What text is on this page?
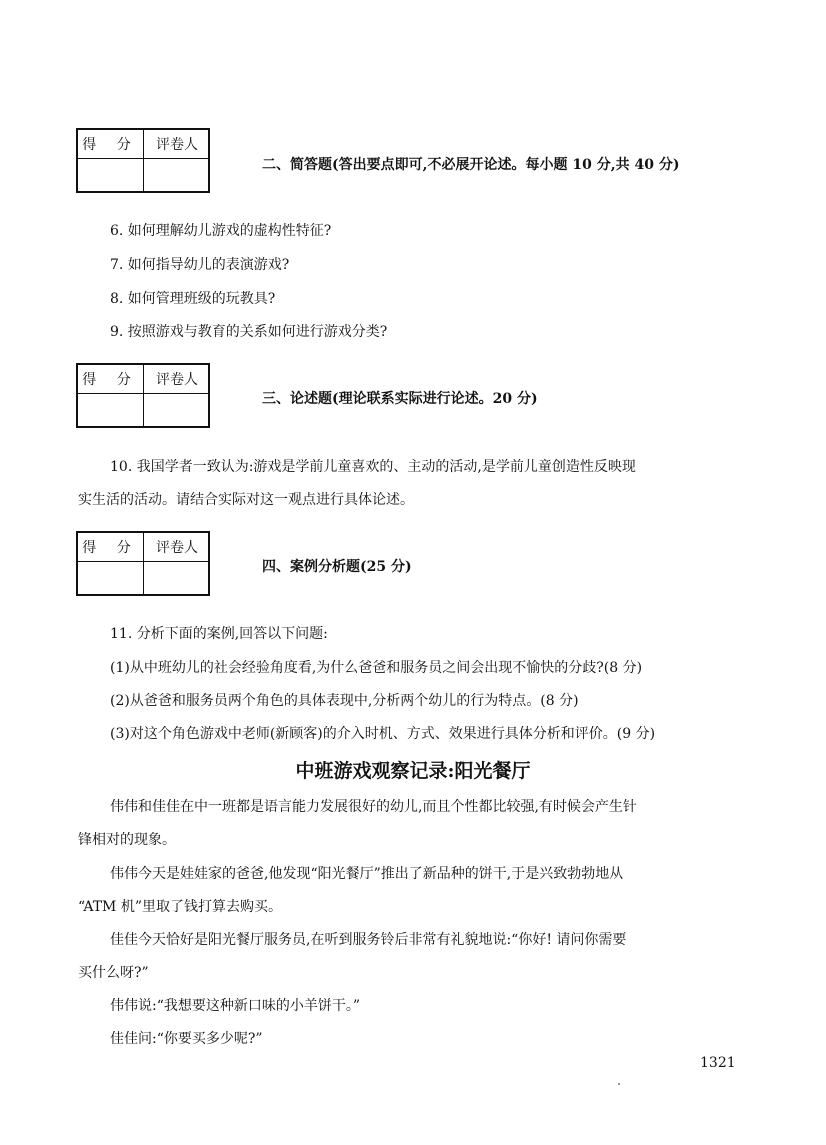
得 分	评卷人
二、简答题(答出要点即可,不必展开论述。每小题 10 分,共 40 分)
6. 如何理解幼儿游戏的虚构性特征?
7. 如何指导幼儿的表演游戏?
8. 如何管理班级的玩教具?
9. 按照游戏与教育的关系如何进行游戏分类?
得 分	评卷人
三、论述题(理论联系实际进行论述。20 分)
10. 我国学者一致认为:游戏是学前儿童喜欢的、主动的活动,是学前儿童创造性反映现
实生活的活动。请结合实际对这一观点进行具体论述。
得 分	评卷人
四、案例分析题(25 分)
11. 分析下面的案例,回答以下问题:
(1)从中班幼儿的社会经验角度看,为什么爸爸和服务员之间会出现不愉快的分歧?(8 分)
(2)从爸爸和服务员两个角色的具体表现中,分析两个幼儿的行为特点。(8 分)
(3)对这个角色游戏中老师(新顾客)的介入时机、方式、效果进行具体分析和评价。(9 分)
中班游戏观察记录:阳光餐厅
伟伟和佳佳在中一班都是语言能力发展很好的幼儿,而且个性都比较强,有时候会产生针
锋相对的现象。
伟伟今天是娃娃家的爸爸,他发现“阳光餐厅”推出了新品种的饼干,于是兴致勃勃地从
“ATM 机”里取了钱打算去购买。
佳佳今天恰好是阳光餐厅服务员,在听到服务铃后非常有礼貌地说:“你好! 请问你需要
买什么呀?”
伟伟说:“我想要这种新口味的小羊饼干。”
佳佳问:“你要买多少呢?”
1321
